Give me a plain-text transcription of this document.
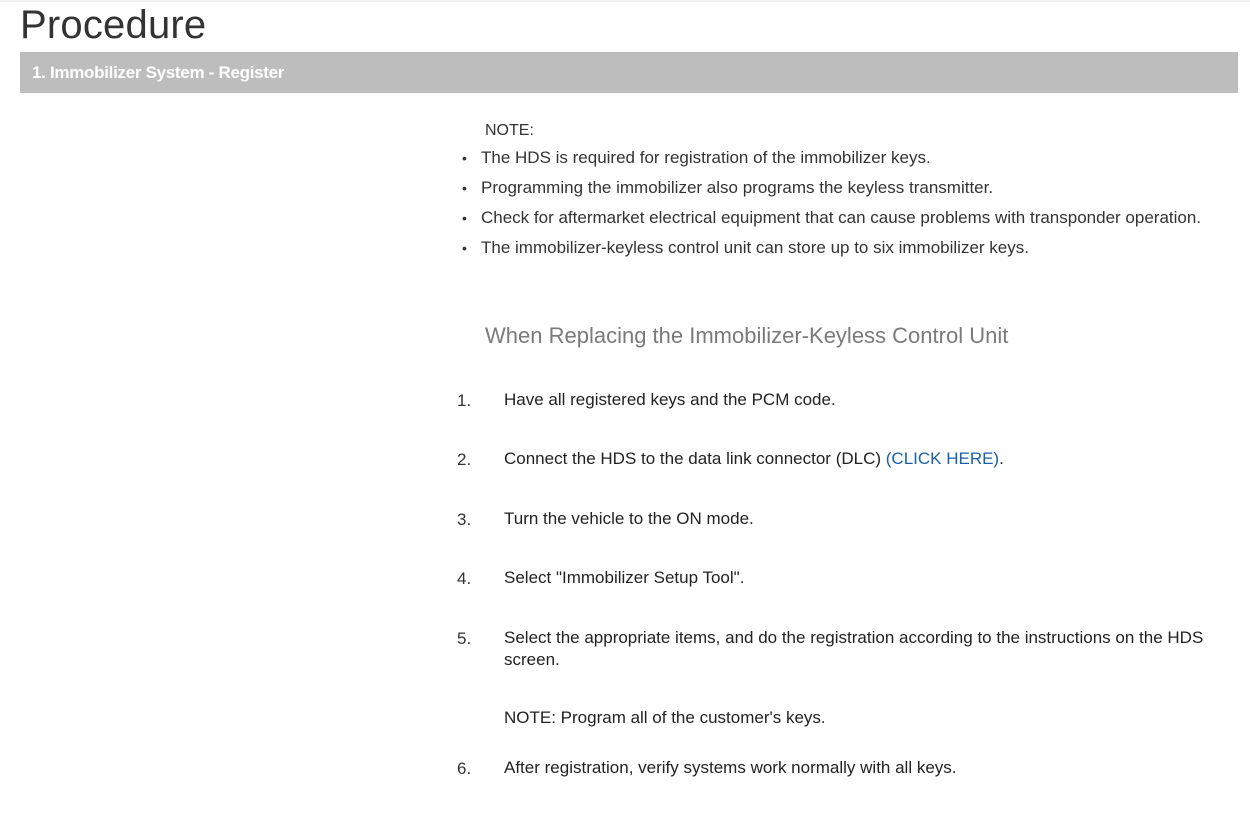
Procedure
1. Immobilizer System - Register
NOTE:
• The HDS is required for registration of the immobilizer keys.
• Programming the immobilizer also programs the keyless transmitter.
• Check for aftermarket electrical equipment that can cause problems with transponder operation.
• The immobilizer-keyless control unit can store up to six immobilizer keys.
When Replacing the Immobilizer-Keyless Control Unit
1.	Have all registered keys and the PCM code.
2.	Connect the HDS to the data link connector (DLC) (CLICK HERE).
3.	Turn the vehicle to the ON mode.
4.	Select "Immobilizer Setup Tool".
5.	Select the appropriate items, and do the registration according to the instructions on the HDS screen.
NOTE: Program all of the customer's keys.
6.	After registration, verify systems work normally with all keys.
